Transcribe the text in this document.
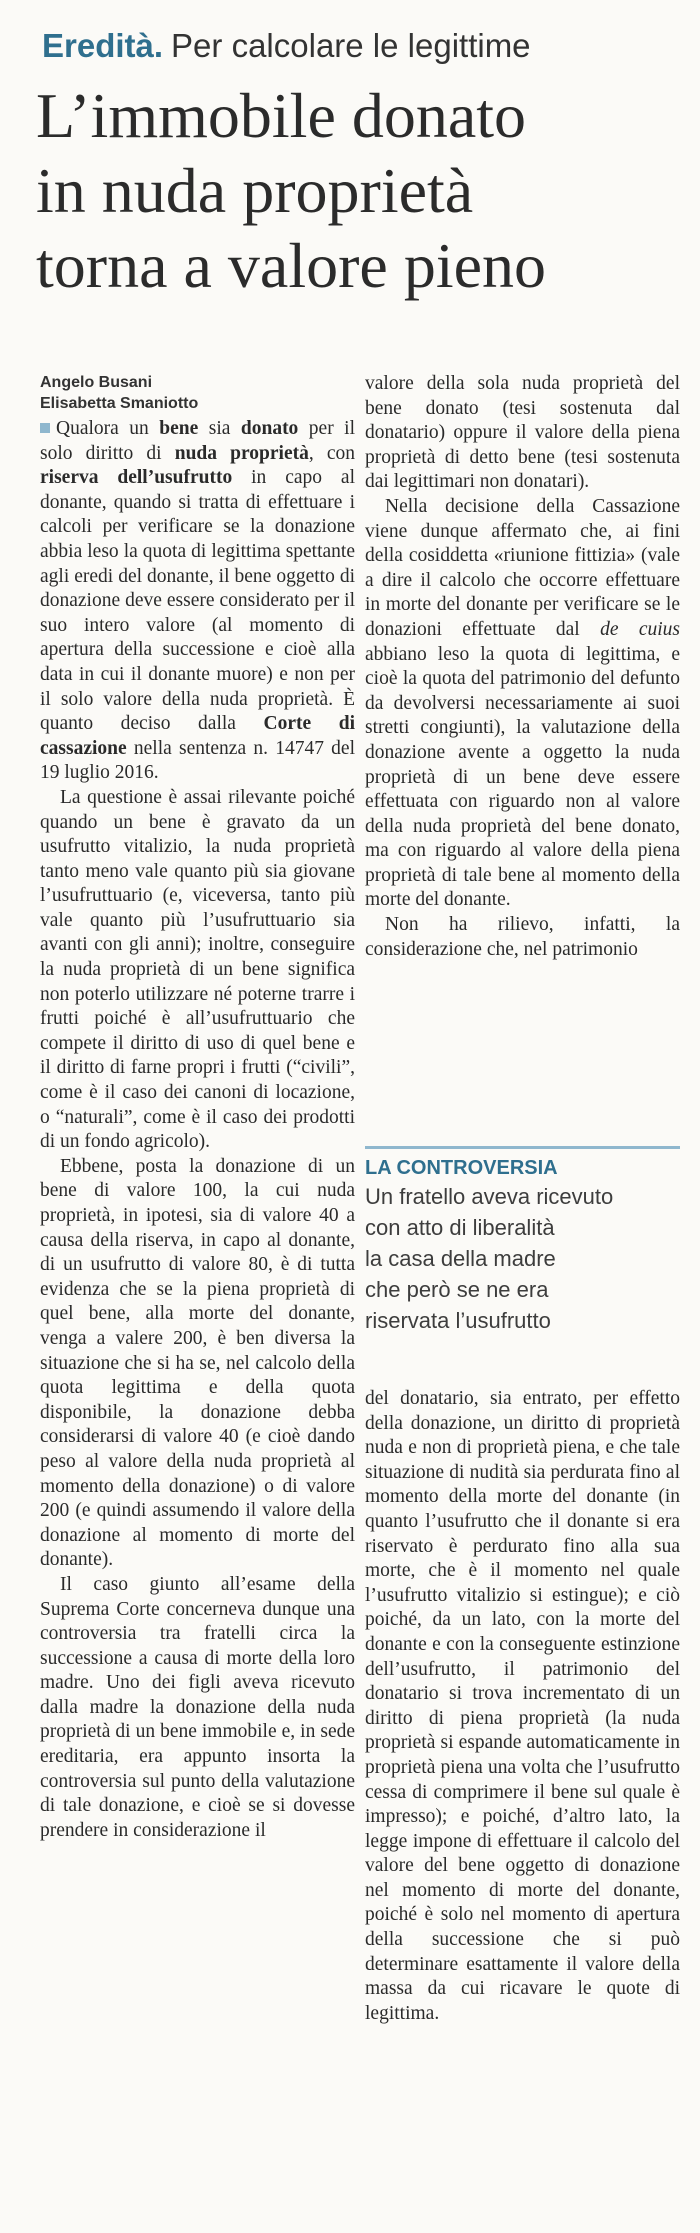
Eredità. Per calcolare le legittime
L’immobile donato
in nuda proprietà
torna a valore pieno
Angelo Busani
Elisabetta Smaniotto

Qualora un bene sia donato per il solo diritto di nuda proprietà, con riserva dell’usufrutto in capo al donante, quando si tratta di effettuare i calcoli per verificare se la donazione abbia leso la quota di legittima spettante agli eredi del donante, il bene oggetto di donazione deve essere considerato per il suo intero valore (al momento di apertura della successione e cioè alla data in cui il donante muore) e non per il solo valore della nuda proprietà. È quanto deciso dalla Corte di cassazione nella sentenza n. 14747 del 19 luglio 2016.

La questione è assai rilevante poiché quando un bene è gravato da un usufrutto vitalizio, la nuda proprietà tanto meno vale quanto più sia giovane l’usufruttuario (e, viceversa, tanto più vale quanto più l’usufruttuario sia avanti con gli anni); inoltre, conseguire la nuda proprietà di un bene significa non poterlo utilizzare né poterne trarre i frutti poiché è all’usufruttuario che compete il diritto di uso di quel bene e il diritto di farne propri i frutti (“civili”, come è il caso dei canoni di locazione, o “naturali”, come è il caso dei prodotti di un fondo agricolo).

Ebbene, posta la donazione di un bene di valore 100, la cui nuda proprietà, in ipotesi, sia di valore 40 a causa della riserva, in capo al donante, di un usufrutto di valore 80, è di tutta evidenza che se la piena proprietà di quel bene, alla morte del donante, venga a valere 200, è ben diversa la situazione che si ha se, nel calcolo della quota legittima e della quota disponibile, la donazione debba considerarsi di valore 40 (e cioè dando peso al valore della nuda proprietà al momento della donazione) o di valore 200 (e quindi assumendo il valore della donazione al momento di morte del donante).

Il caso giunto all’esame della Suprema Corte concerneva dunque una controversia tra fratelli circa la successione a causa di morte della loro madre. Uno dei figli aveva ricevuto dalla madre la donazione della nuda proprietà di un bene immobile e, in sede ereditaria, era appunto insorta la controversia sul punto della valutazione di tale donazione, e cioè se si dovesse prendere in considerazione il

valore della sola nuda proprietà del bene donato (tesi sostenuta dal donatario) oppure il valore della piena proprietà di detto bene (tesi sostenuta dai legittimari non donatari).

Nella decisione della Cassazione viene dunque affermato che, ai fini della cosiddetta «riunione fittizia» (vale a dire il calcolo che occorre effettuare in morte del donante per verificare se le donazioni effettuate dal de cuius abbiano leso la quota di legittima, e cioè la quota del patrimonio del defunto da devolversi necessariamente ai suoi stretti congiunti), la valutazione della donazione avente a oggetto la nuda proprietà di un bene deve essere effettuata con riguardo non al valore della nuda proprietà del bene donato, ma con riguardo al valore della piena proprietà di tale bene al momento della morte del donante.

Non ha rilievo, infatti, la considerazione che, nel patrimonio

LA CONTROVERSIA
Un fratello aveva ricevuto
con atto di liberalità
la casa della madre
che però se ne era
riservata l’usufrutto

del donatario, sia entrato, per effetto della donazione, un diritto di proprietà nuda e non di proprietà piena, e che tale situazione di nudità sia perdurata fino al momento della morte del donante (in quanto l’usufrutto che il donante si era riservato è perdurato fino alla sua morte, che è il momento nel quale l’usufrutto vitalizio si estingue); e ciò poiché, da un lato, con la morte del donante e con la conseguente estinzione dell’usufrutto, il patrimonio del donatario si trova incrementato di un diritto di piena proprietà (la nuda proprietà si espande automaticamente in proprietà piena una volta che l’usufrutto cessa di comprimere il bene sul quale è impresso); e poiché, d’altro lato, la legge impone di effettuare il calcolo del valore del bene oggetto di donazione nel momento di morte del donante, poiché è solo nel momento di apertura della successione che si può determinare esattamente il valore della massa da cui ricavare le quote di legittima.
